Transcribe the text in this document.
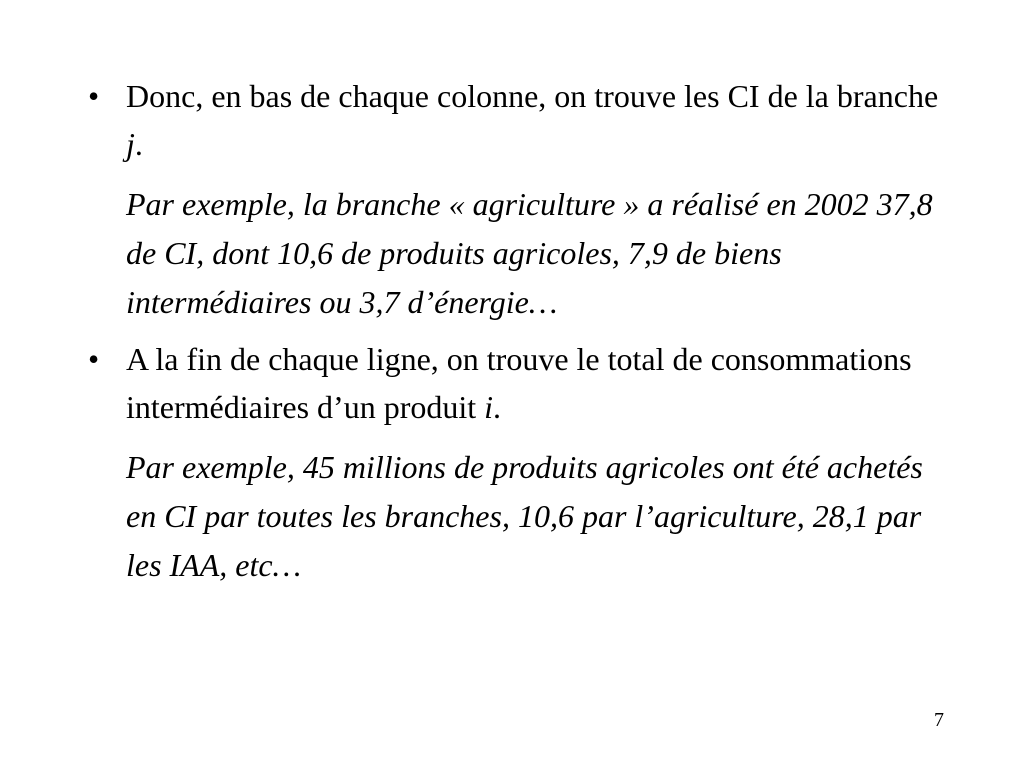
• Donc, en bas de chaque colonne, on trouve les CI de la branche j.
Par exemple, la branche « agriculture » a réalisé en 2002 37,8 de CI, dont 10,6 de produits agricoles, 7,9 de biens intermédiaires ou 3,7 d’énergie…
• A la fin de chaque ligne, on trouve le total de consommations intermédiaires d’un produit i.
Par exemple, 45 millions de produits agricoles ont été achetés en CI par toutes les branches, 10,6 par l’agriculture, 28,1 par les IAA, etc…
7
